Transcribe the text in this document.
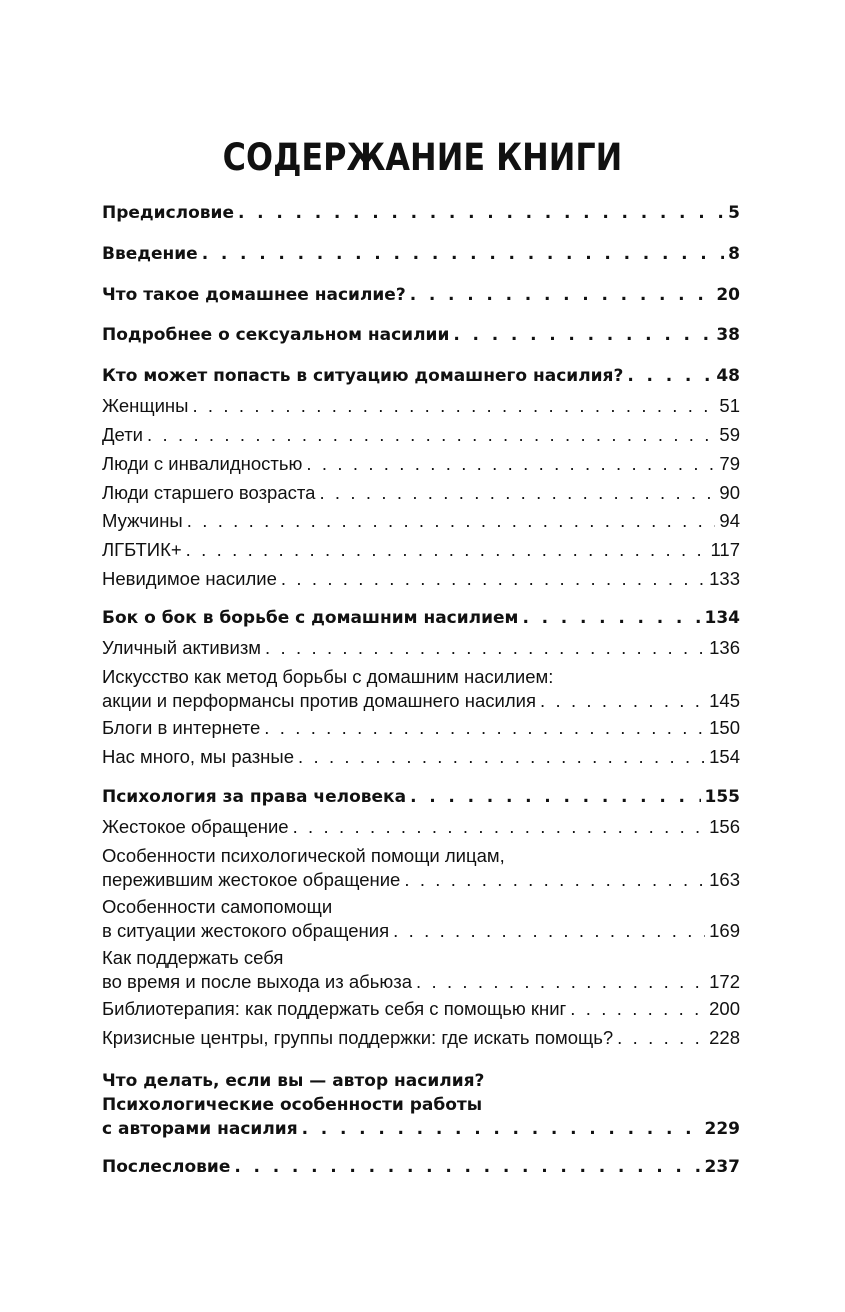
СОДЕРЖАНИЕ КНИГИ
Предисловие . . .	5
Введение . . .	8
Что такое домашнее насилие? . . .	20
Подробнее о сексуальном насилии . . .	38
Кто может попасть в ситуацию домашнего насилия? . . .	48
Женщины . . .	51
Дети . . .	59
Люди с инвалидностью . . .	79
Люди старшего возраста . . .	90
Мужчины . . .	94
ЛГБТИК+ . . .	117
Невидимое насилие . . .	133
Бок о бок в борьбе с домашним насилием . . .	134
Уличный активизм . . .	136
Искусство как метод борьбы с домашним насилием:
акции и перформансы против домашнего насилия . . .	145
Блоги в интернете . . .	150
Нас много, мы разные . . .	154
Психология за права человека . . .	155
Жестокое обращение . . .	156
Особенности психологической помощи лицам,
пережившим жестокое обращение . . .	163
Особенности самопомощи
в ситуации жестокого обращения . . .	169
Как поддержать себя
во время и после выхода из абьюза . . .	172
Библиотерапия: как поддержать себя с помощью книг . . .	200
Кризисные центры, группы поддержки: где искать помощь? . . .	228
Что делать, если вы — автор насилия?
Психологические особенности работы
с авторами насилия . . .	229
Послесловие . . .	237
